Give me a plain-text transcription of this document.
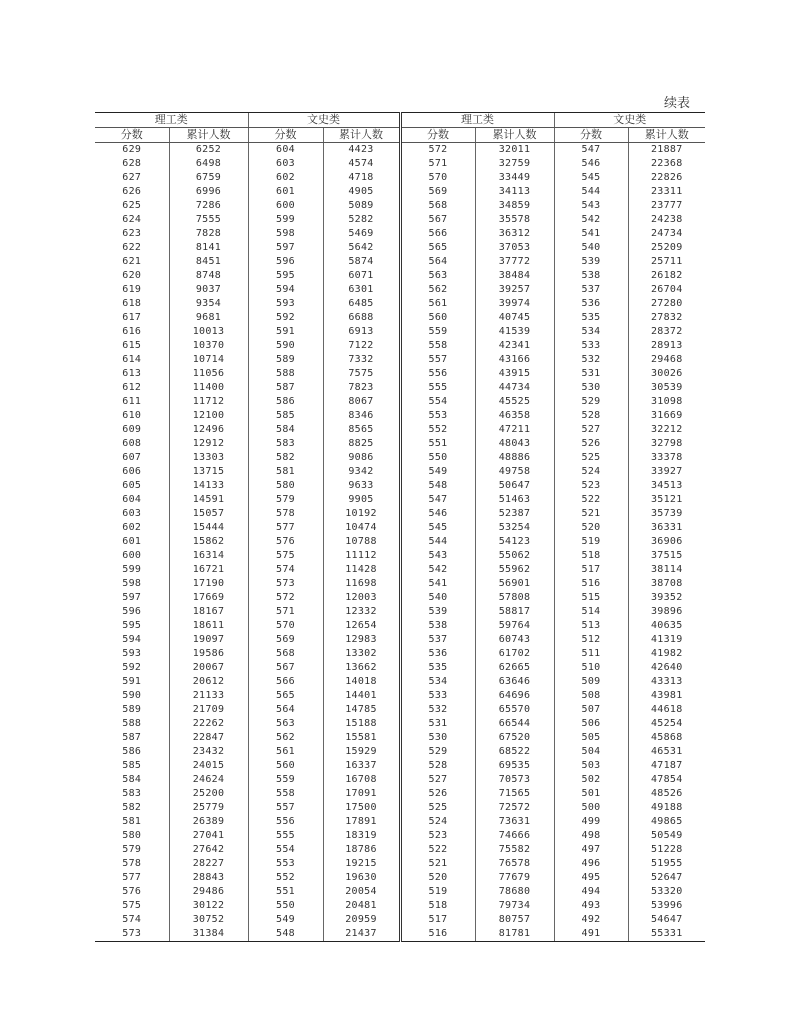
续表
理工类		文史类		理工类		文史类	
分数	累计人数	分数	累计人数	分数	累计人数	分数	累计人数
629	6252	604	4423	572	32011	547	21887
628	6498	603	4574	571	32759	546	22368
627	6759	602	4718	570	33449	545	22826
626	6996	601	4905	569	34113	544	23311
625	7286	600	5089	568	34859	543	23777
624	7555	599	5282	567	35578	542	24238
623	7828	598	5469	566	36312	541	24734
622	8141	597	5642	565	37053	540	25209
621	8451	596	5874	564	37772	539	25711
620	8748	595	6071	563	38484	538	26182
619	9037	594	6301	562	39257	537	26704
618	9354	593	6485	561	39974	536	27280
617	9681	592	6688	560	40745	535	27832
616	10013	591	6913	559	41539	534	28372
615	10370	590	7122	558	42341	533	28913
614	10714	589	7332	557	43166	532	29468
613	11056	588	7575	556	43915	531	30026
612	11400	587	7823	555	44734	530	30539
611	11712	586	8067	554	45525	529	31098
610	12100	585	8346	553	46358	528	31669
609	12496	584	8565	552	47211	527	32212
608	12912	583	8825	551	48043	526	32798
607	13303	582	9086	550	48886	525	33378
606	13715	581	9342	549	49758	524	33927
605	14133	580	9633	548	50647	523	34513
604	14591	579	9905	547	51463	522	35121
603	15057	578	10192	546	52387	521	35739
602	15444	577	10474	545	53254	520	36331
601	15862	576	10788	544	54123	519	36906
600	16314	575	11112	543	55062	518	37515
599	16721	574	11428	542	55962	517	38114
598	17190	573	11698	541	56901	516	38708
597	17669	572	12003	540	57808	515	39352
596	18167	571	12332	539	58817	514	39896
595	18611	570	12654	538	59764	513	40635
594	19097	569	12983	537	60743	512	41319
593	19586	568	13302	536	61702	511	41982
592	20067	567	13662	535	62665	510	42640
591	20612	566	14018	534	63646	509	43313
590	21133	565	14401	533	64696	508	43981
589	21709	564	14785	532	65570	507	44618
588	22262	563	15188	531	66544	506	45254
587	22847	562	15581	530	67520	505	45868
586	23432	561	15929	529	68522	504	46531
585	24015	560	16337	528	69535	503	47187
584	24624	559	16708	527	70573	502	47854
583	25200	558	17091	526	71565	501	48526
582	25779	557	17500	525	72572	500	49188
581	26389	556	17891	524	73631	499	49865
580	27041	555	18319	523	74666	498	50549
579	27642	554	18786	522	75582	497	51228
578	28227	553	19215	521	76578	496	51955
577	28843	552	19630	520	77679	495	52647
576	29486	551	20054	519	78680	494	53320
575	30122	550	20481	518	79734	493	53996
574	30752	549	20959	517	80757	492	54647
573	31384	548	21437	516	81781	491	55331
